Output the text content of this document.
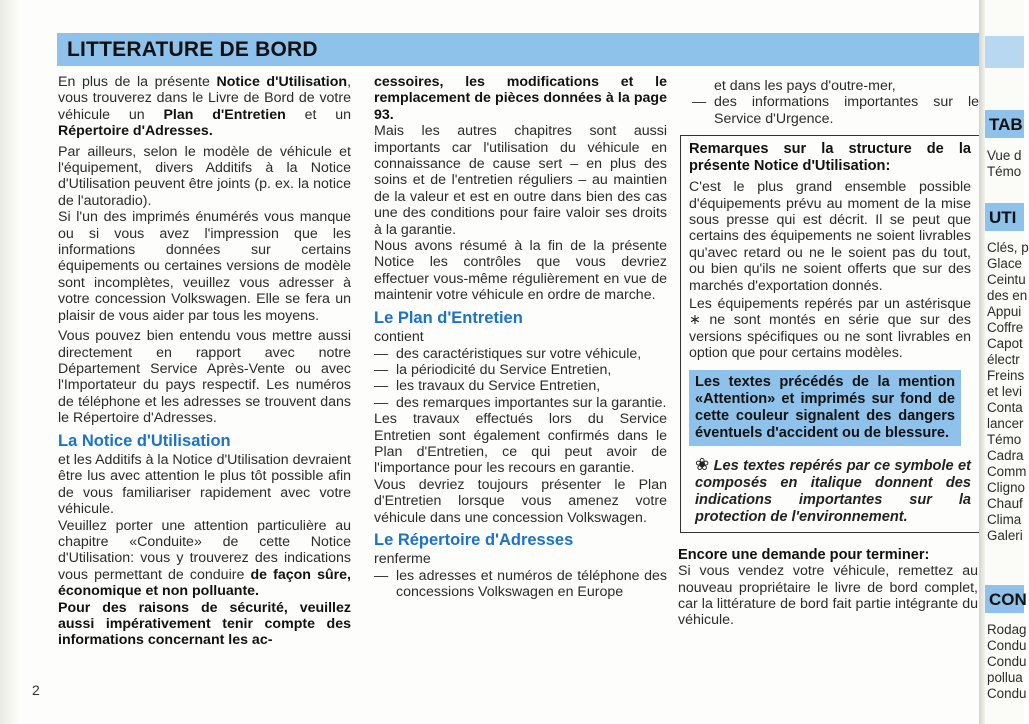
LITTERATURE DE BORD

En plus de la présente Notice d'Utilisation, vous trouverez dans le Livre de Bord de votre véhicule un Plan d'Entretien et un Répertoire d'Adresses.

Par ailleurs, selon le modèle de véhicule et l'équipement, divers Additifs à la Notice d'Utilisation peuvent être joints (p. ex. la notice de l'autoradio).

Si l'un des imprimés énumérés vous manque ou si vous avez l'impression que les informations données sur certains équipements ou certaines versions de modèle sont incomplètes, veuillez vous adresser à votre concession Volkswagen. Elle se fera un plaisir de vous aider par tous les moyens.

Vous pouvez bien entendu vous mettre aussi directement en rapport avec notre Département Service Après-Vente ou avec l'Importateur du pays respectif. Les numéros de téléphone et les adresses se trouvent dans le Répertoire d'Adresses.

La Notice d'Utilisation

et les Additifs à la Notice d'Utilisation devraient être lus avec attention le plus tôt possible afin de vous familiariser rapidement avec votre véhicule.

Veuillez porter une attention particulière au chapitre «Conduite» de cette Notice d'Utilisation: vous y trouverez des indications vous permettant de conduire de façon sûre, économique et non polluante.

Pour des raisons de sécurité, veuillez aussi impérativement tenir compte des informations concernant les ac-

cessoires, les modifications et le remplacement de pièces données à la page 93.

Mais les autres chapitres sont aussi importants car l'utilisation du véhicule en connaissance de cause sert – en plus des soins et de l'entretien réguliers – au maintien de la valeur et est en outre dans bien des cas une des conditions pour faire valoir ses droits à la garantie.

Nous avons résumé à la fin de la présente Notice les contrôles que vous devriez effectuer vous-même régulièrement en vue de maintenir votre véhicule en ordre de marche.

Le Plan d'Entretien

contient

— des caractéristiques sur votre véhicule,
— la périodicité du Service Entretien,
— les travaux du Service Entretien,
— des remarques importantes sur la garantie.

Les travaux effectués lors du Service Entretien sont également confirmés dans le Plan d'Entretien, ce qui peut avoir de l'importance pour les recours en garantie.

Vous devriez toujours présenter le Plan d'Entretien lorsque vous amenez votre véhicule dans une concession Volkswagen.

Le Répertoire d'Adresses

renferme

— les adresses et numéros de téléphone des concessions Volkswagen en Europe

et dans les pays d'outre-mer,

— des informations importantes sur le Service d'Urgence.
Remarques sur la structure de la présente Notice d'Utilisation:

C'est le plus grand ensemble possible d'équipements prévu au moment de la mise sous presse qui est décrit. Il se peut que certains des équipements ne soient livrables qu'avec retard ou ne le soient pas du tout, ou bien qu'ils ne soient offerts que sur des marchés d'exportation donnés.

Les équipements repérés par un astérisque ∗ ne sont montés en série que sur des versions spécifiques ou ne sont livrables en option que pour certains modèles.

Les textes précédés de la mention «Attention» et imprimés sur fond de cette couleur signalent des dangers éventuels d'accident ou de blessure.
❀ Les textes repérés par ce symbole et composés en italique donnent des indications importantes sur la protection de l'environnement.
Encore une demande pour terminer:

Si vous vendez votre véhicule, remettez au nouveau propriétaire le livre de bord complet, car la littérature de bord fait partie intégrante du véhicule.

2
TAB
Vue d
Témo
UTI
Clés, p
Glace
Ceintu
des en
Appui
Coffre
Capot
électr
Freins
et levi
Conta
lancer
Témo
Cadra
Comm
Cligno
Chauf
Clima
Galeri
CON
Rodag
Condu
Condu
pollua
Condu
